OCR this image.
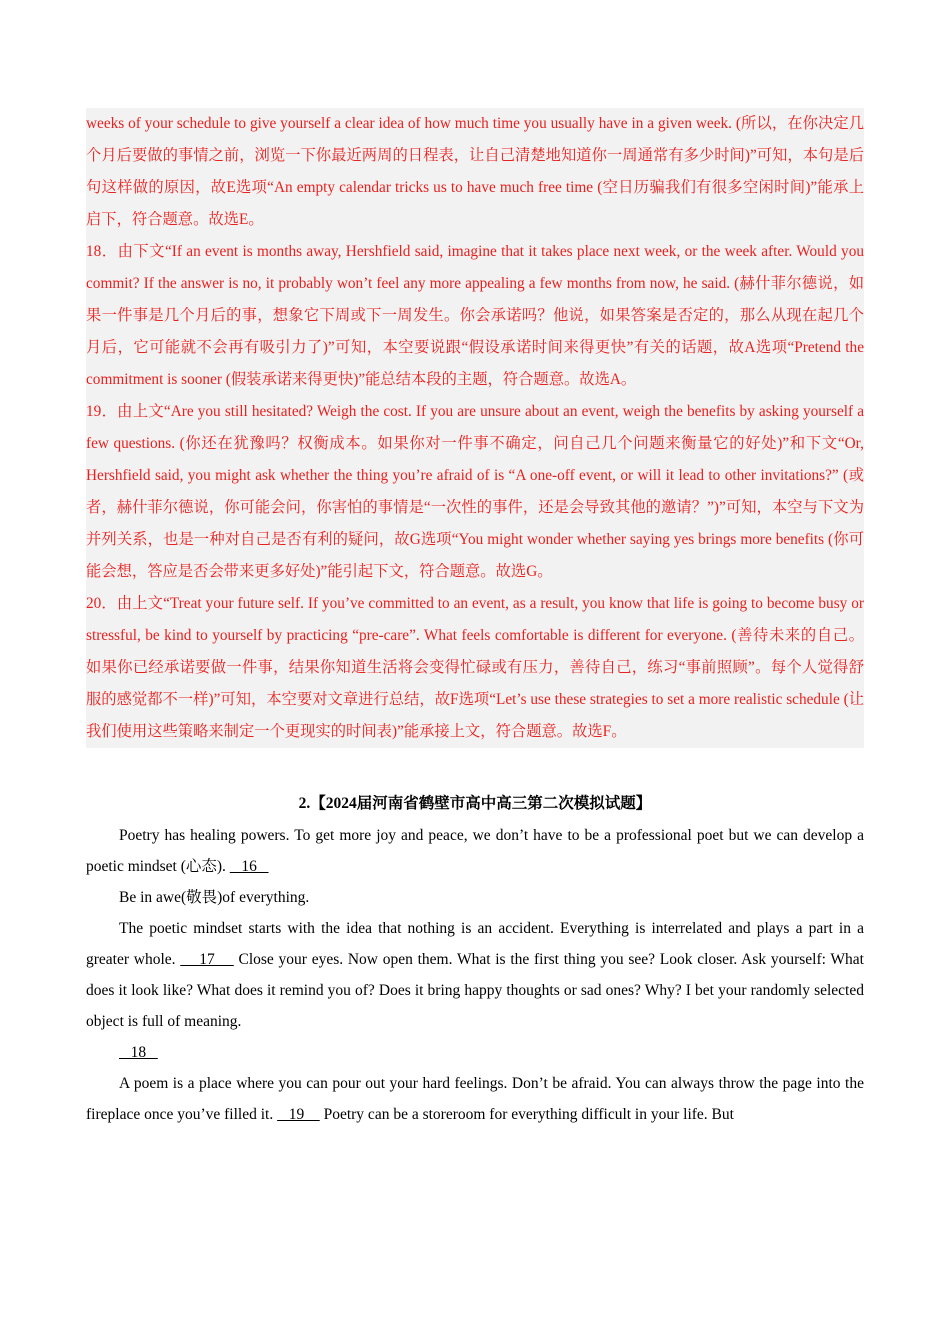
weeks of your schedule to give yourself a clear idea of how much time you usually have in a given week. (所以，在你决定几个月后要做的事情之前，浏览一下你最近两周的日程表，让自己清楚地知道你一周通常有多少时间)”可知，本句是后句这样做的原因，故E选项“An empty calendar tricks us to have much free time (空日历骗我们有很多空闲时间)”能承上启下，符合题意。故选E。

18．由下文“If an event is months away, Hershfield said, imagine that it takes place next week, or the week after. Would you commit? If the answer is no, it probably won’t feel any more appealing a few months from now, he said. (赫什菲尔德说，如果一件事是几个月后的事，想象它下周或下一周发生。你会承诺吗？他说，如果答案是否定的，那么从现在起几个月后，它可能就不会再有吸引力了)”可知，本空要说跟“假设承诺时间来得更快”有关的话题，故A选项“Pretend the commitment is sooner (假装承诺来得更快)”能总结本段的主题，符合题意。故选A。

19．由上文“Are you still hesitated? Weigh the cost. If you are unsure about an event, weigh the benefits by asking yourself a few questions. (你还在犹豫吗？权衡成本。如果你对一件事不确定，问自己几个问题来衡量它的好处)”和下文“Or, Hershfield said, you might ask whether the thing you’re afraid of is “A one-off event, or will it lead to other invitations?” (或者，赫什菲尔德说，你可能会问，你害怕的事情是“一次性的事件，还是会导致其他的邀请？”)”可知，本空与下文为并列关系，也是一种对自己是否有利的疑问，故G选项“You might wonder whether saying yes brings more benefits (你可能会想，答应是否会带来更多好处)”能引起下文，符合题意。故选G。

20．由上文“Treat your future self. If you’ve committed to an event, as a result, you know that life is going to become busy or stressful, be kind to yourself by practicing “pre-care”. What feels comfortable is different for everyone. (善待未来的自己。如果你已经承诺要做一件事，结果你知道生活将会变得忙碌或有压力，善待自己，练习“事前照顾”。每个人觉得舒服的感觉都不一样)”可知，本空要对文章进行总结，故F选项“Let’s use these strategies to set a more realistic schedule (让我们使用这些策略来制定一个更现实的时间表)”能承接上文，符合题意。故选F。

2.【2024届河南省鹤壁市高中高三第二次模拟试题】

Poetry has healing powers. To get more joy and peace, we don’t have to be a professional poet but we can develop a poetic mindset (心态).    16

Be in awe(敬畏)of everything.

The poetic mindset starts with the idea that nothing is an accident. Everything is interrelated and plays a part in a greater whole.     17     Close your eyes. Now open them. What is the first thing you see? Look closer. Ask yourself: What does it look like? What does it remind you of? Does it bring happy thoughts or sad ones? Why? I bet your randomly selected object is full of meaning.

18

A poem is a place where you can pour out your hard feelings. Don’t be afraid. You can always throw the page into the fireplace once you’ve filled it.    19     Poetry can be a storeroom for everything difficult in your life. But
